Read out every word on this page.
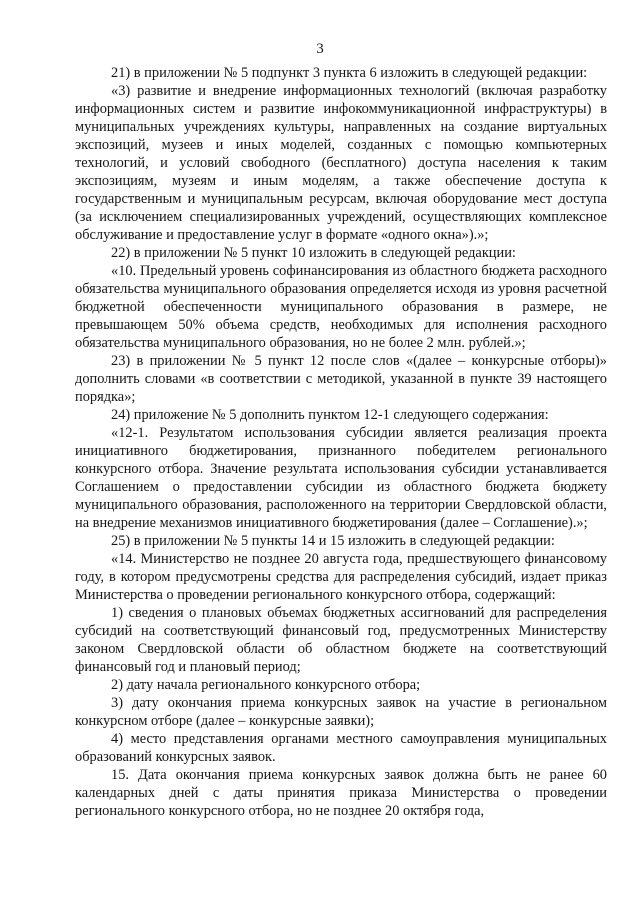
3

21) в приложении № 5 подпункт 3 пункта 6 изложить в следующей редакции:

«3) развитие и внедрение информационных технологий (включая разработку информационных систем и развитие инфокоммуникационной инфраструктуры) в муниципальных учреждениях культуры, направленных на создание виртуальных экспозиций, музеев и иных моделей, созданных с помощью компьютерных технологий, и условий свободного (бесплатного) доступа населения к таким экспозициям, музеям и иным моделям, а также обеспечение доступа к государственным и муниципальным ресурсам, включая оборудование мест доступа (за исключением специализированных учреждений, осуществляющих комплексное обслуживание и предоставление услуг в формате «одного окна»).»;

22) в приложении № 5 пункт 10 изложить в следующей редакции:

«10. Предельный уровень софинансирования из областного бюджета расходного обязательства муниципального образования определяется исходя из уровня расчетной бюджетной обеспеченности муниципального образования в размере, не превышающем 50% объема средств, необходимых для исполнения расходного обязательства муниципального образования, но не более 2 млн. рублей.»;

23) в приложении № 5 пункт 12 после слов «(далее – конкурсные отборы)» дополнить словами «в соответствии с методикой, указанной в пункте 39 настоящего порядка»;

24) приложение № 5 дополнить пунктом 12-1 следующего содержания:

«12-1. Результатом использования субсидии является реализация проекта инициативного бюджетирования, признанного победителем регионального конкурсного отбора. Значение результата использования субсидии устанавливается Соглашением о предоставлении субсидии из областного бюджета бюджету муниципального образования, расположенного на территории Свердловской области, на внедрение механизмов инициативного бюджетирования (далее – Соглашение).»;

25) в приложении № 5 пункты 14 и 15 изложить в следующей редакции:

«14. Министерство не позднее 20 августа года, предшествующего финансовому году, в котором предусмотрены средства для распределения субсидий, издает приказ Министерства о проведении регионального конкурсного отбора, содержащий:

1) сведения о плановых объемах бюджетных ассигнований для распределения субсидий на соответствующий финансовый год, предусмотренных Министерству законом Свердловской области об областном бюджете на соответствующий финансовый год и плановый период;

2) дату начала регионального конкурсного отбора;

3) дату окончания приема конкурсных заявок на участие в региональном конкурсном отборе (далее – конкурсные заявки);

4) место представления органами местного самоуправления муниципальных образований конкурсных заявок.

15. Дата окончания приема конкурсных заявок должна быть не ранее 60 календарных дней с даты принятия приказа Министерства о проведении регионального конкурсного отбора, но не позднее 20 октября года,
